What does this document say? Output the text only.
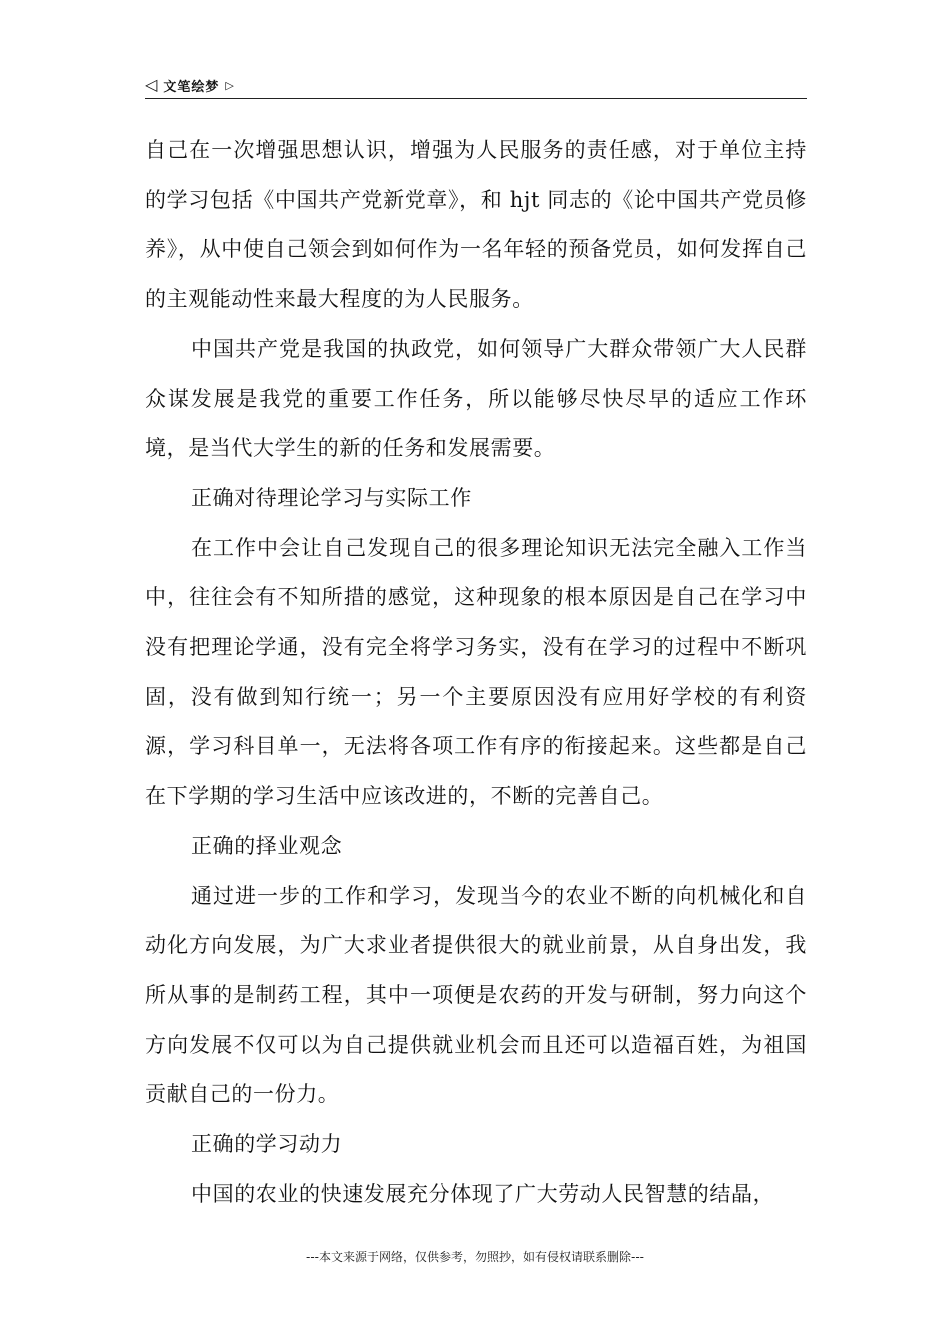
◁ 文笔绘梦 ▷

自己在一次增强思想认识，增强为人民服务的责任感，对于单位主持的学习包括《中国共产党新党章》，和 hjt 同志的《论中国共产党员修养》，从中使自己领会到如何作为一名年轻的预备党员，如何发挥自己的主观能动性来最大程度的为人民服务。

中国共产党是我国的执政党，如何领导广大群众带领广大人民群众谋发展是我党的重要工作任务，所以能够尽快尽早的适应工作环境，是当代大学生的新的任务和发展需要。

正确对待理论学习与实际工作

在工作中会让自己发现自己的很多理论知识无法完全融入工作当中，往往会有不知所措的感觉，这种现象的根本原因是自己在学习中没有把理论学通，没有完全将学习务实，没有在学习的过程中不断巩固，没有做到知行统一；另一个主要原因没有应用好学校的有利资源，学习科目单一，无法将各项工作有序的衔接起来。这些都是自己在下学期的学习生活中应该改进的，不断的完善自己。

正确的择业观念

通过进一步的工作和学习，发现当今的农业不断的向机械化和自动化方向发展，为广大求业者提供很大的就业前景，从自身出发，我所从事的是制药工程，其中一项便是农药的开发与研制，努力向这个方向发展不仅可以为自己提供就业机会而且还可以造福百姓，为祖国贡献自己的一份力。

正确的学习动力

中国的农业的快速发展充分体现了广大劳动人民智慧的结晶，

---本文来源于网络，仅供参考，勿照抄，如有侵权请联系删除---
